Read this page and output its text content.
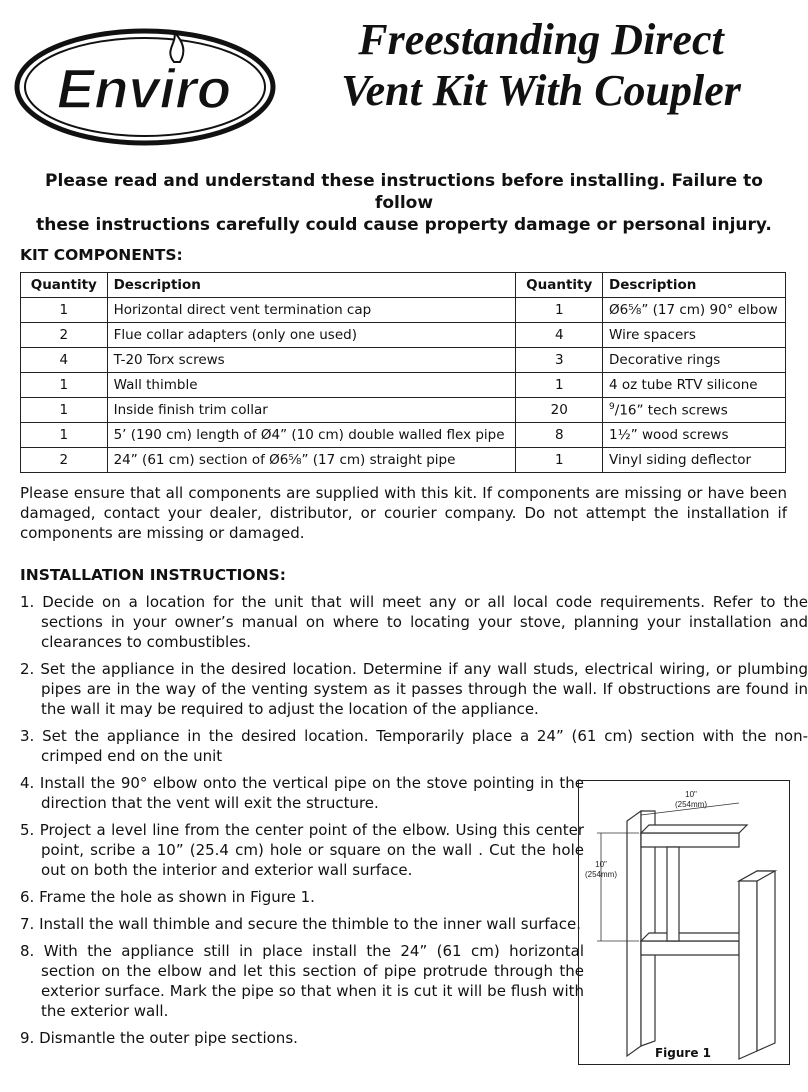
Enviro
Freestanding Direct
Vent Kit With Coupler
Please read and understand these instructions before installing. Failure to follow
these instructions carefully could cause property damage or personal injury.
KIT COMPONENTS:
Quantity	Description	Quantity	Description
1	Horizontal direct vent termination cap	1	Ø6⅝” (17 cm) 90° elbow
2	Flue collar adapters (only one used)	4	Wire spacers
4	T-20 Torx screws	3	Decorative rings
1	Wall thimble	1	4 oz tube RTV silicone
1	Inside finish trim collar	20	$^9$/16” tech screws
1	5’ (190 cm) length of Ø4” (10 cm) double walled flex pipe	8	1½” wood screws
2	24” (61 cm) section of Ø6⅝” (17 cm) straight pipe	1	Vinyl siding deflector
Please ensure that all components are supplied with this kit. If components are missing or have been damaged, contact your dealer, distributor, or courier company. Do not attempt the installation if components are missing or damaged.
INSTALLATION INSTRUCTIONS:
1. Decide on a location for the unit that will meet any or all local code requirements. Refer to the sections in your owner’s manual on where to locating your stove, planning your installation and clearances to combustibles.
2. Set the appliance in the desired location. Determine if any wall studs, electrical wiring, or plumbing pipes are in the way of the venting system as it passes through the wall. If obstructions are found in the wall it may be required to adjust the location of the appliance.
3. Set the appliance in the desired location. Temporarily place a 24” (61 cm) section with the non-crimped end on the unit
4. Install the 90° elbow onto the vertical pipe on the stove pointing in the direction that the vent will exit the structure.
5. Project a level line from the center point of the elbow. Using this center point, scribe a 10” (25.4 cm) hole or square on the wall . Cut the hole out on both the interior and exterior wall surface.
6. Frame the hole as shown in Figure 1.
7. Install the wall thimble and secure the thimble to the inner wall surface.
8. With the appliance still in place install the 24” (61 cm) horizontal section on the elbow and let this section of pipe protrude through the exterior surface. Mark the pipe so that when it is cut it will be flush with the exterior wall.
9. Dismantle the outer pipe sections.
10"
(254mm)
10"
(254mm)
Figure 1
